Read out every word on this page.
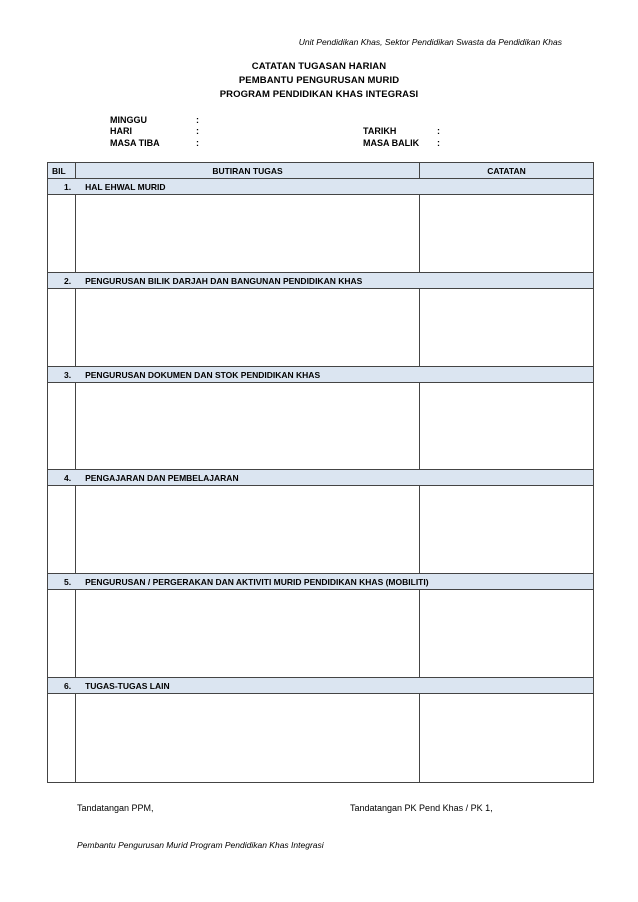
Unit Pendidikan Khas, Sektor Pendidikan Swasta da Pendidikan Khas
CATATAN TUGASAN HARIAN
PEMBANTU PENGURUSAN MURID
PROGRAM PENDIDIKAN KHAS INTEGRASI
MINGGU	:
HARI	:
MASA TIBA	:
TARIKH	:
MASA BALIK :
BIL	BUTIRAN TUGAS	CATATAN
1. HAL EHWAL MURID		

2. PENGURUSAN BILIK DARJAH DAN BANGUNAN PENDIDIKAN KHAS		

3. PENGURUSAN DOKUMEN DAN STOK PENDIDIKAN KHAS		

4. PENGAJARAN DAN PEMBELAJARAN		

5. PENGURUSAN / PERGERAKAN DAN AKTIVITI MURID PENDIDIKAN KHAS (MOBILITI)		

6. TUGAS-TUGAS LAIN		

Tandatangan PPM,	Tandatangan PK Pend Khas / PK 1,
Pembantu Pengurusan Murid Program Pendidikan Khas Integrasi
